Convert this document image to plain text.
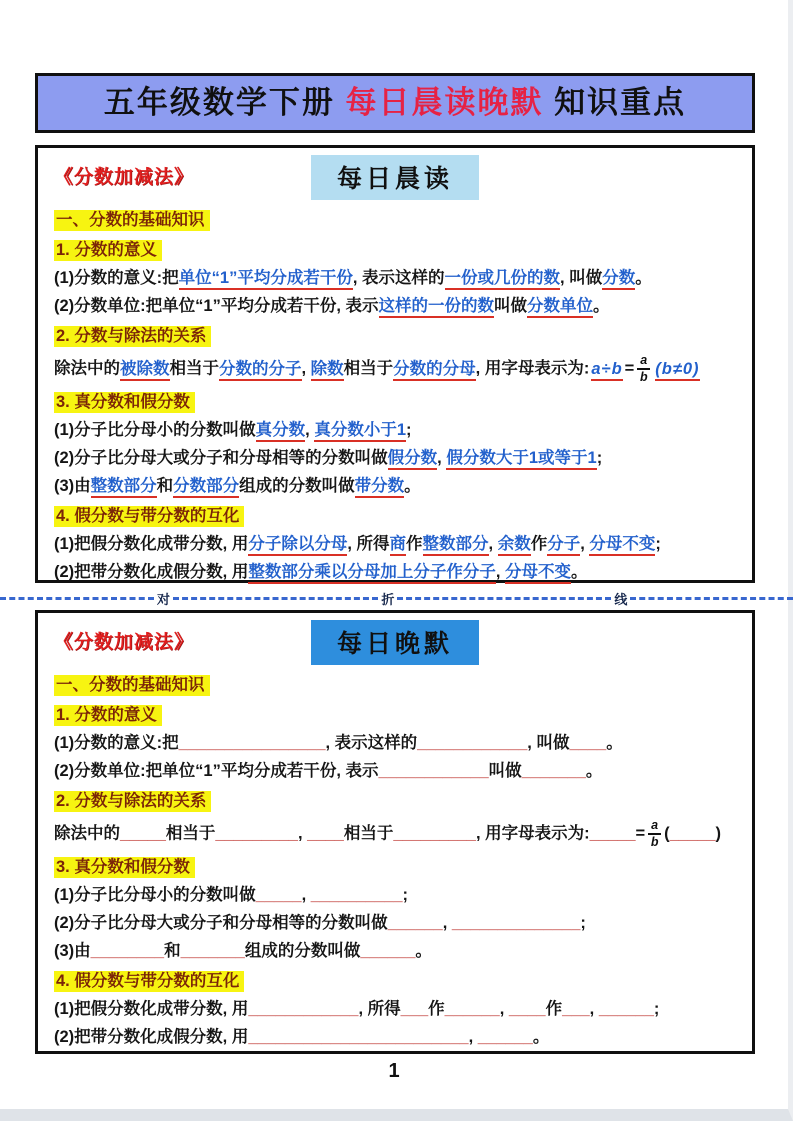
五年级数学下册 每日晨读晚默 知识重点
《分数加减法》	每日晨读
一、分数的基础知识
1. 分数的意义
(1)分数的意义:把单位“1”平均分成若干份, 表示这样的一份或几份的数, 叫做分数。
(2)分数单位:把单位“1”平均分成若干份, 表示这样的一份的数叫做分数单位。
2. 分数与除法的关系
除法中的被除数相当于分数的分子, 除数相当于分数的分母, 用字母表示为: $a\div b = \frac{a}{b} (b\ne 0)$
3. 真分数和假分数
(1)分子比分母小的分数叫做真分数, 真分数小于1;
(2)分子比分母大或分子和分母相等的分数叫做假分数, 假分数大于1或等于1;
(3)由整数部分和分数部分组成的分数叫做带分数。
4. 假分数与带分数的互化
(1)把假分数化成带分数, 用分子除以分母, 所得商作整数部分, 余数作分子, 分母不变;
(2)把带分数化成假分数, 用整数部分乘以分母加上分子作分子, 分母不变。
对	折	线
《分数加减法》	每日晚默
一、分数的基础知识
1. 分数的意义
(1)分数的意义:把________________, 表示这样的____________, 叫做____。
(2)分数单位:把单位“1”平均分成若干份, 表示____________叫做_______。
2. 分数与除法的关系
除法中的_____相当于_________, ____相当于_________, 用字母表示为:_____= $\frac{a}{b}$ (_____)
3. 真分数和假分数
(1)分子比分母小的分数叫做_____, __________;
(2)分子比分母大或分子和分母相等的分数叫做______, ______________;
(3)由________和_______组成的分数叫做______。
4. 假分数与带分数的互化
(1)把假分数化成带分数, 用____________, 所得___作______, ____作___, ______;
(2)把带分数化成假分数, 用________________________, ______。
1
